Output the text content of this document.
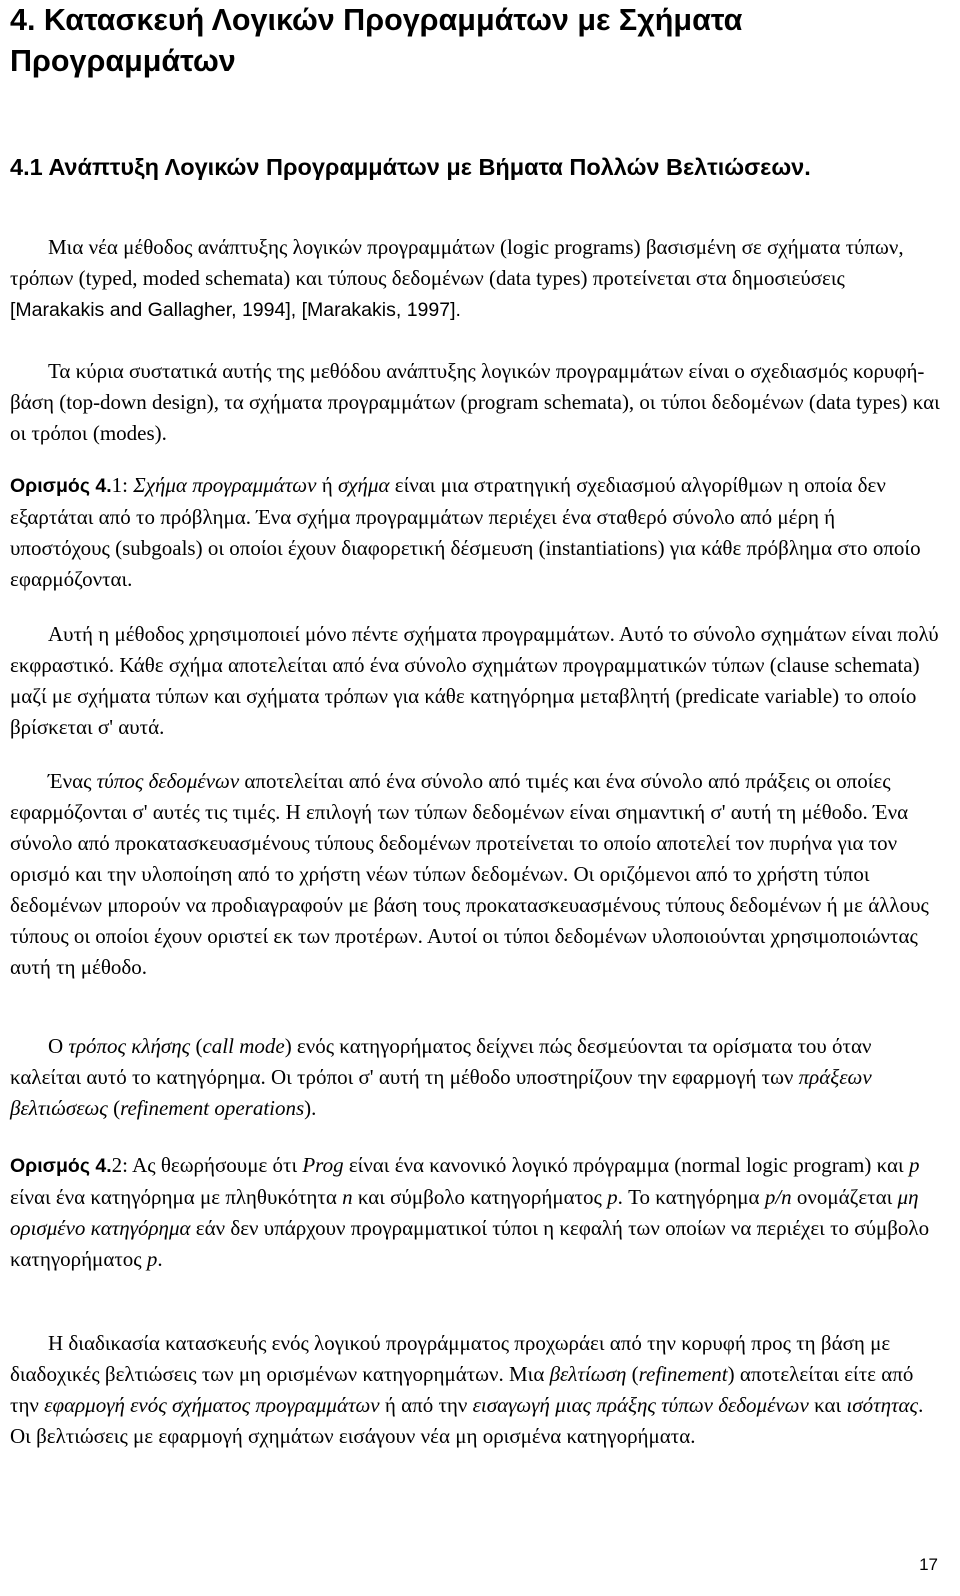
4. Κατασκευή Λογικών Προγραμμάτων με Σχήματα Προγραμμάτων
4.1 Ανάπτυξη Λογικών Προγραμμάτων με Βήματα Πολλών Βελτιώσεων.

Μια νέα μέθοδος ανάπτυξης λογικών προγραμμάτων (logic programs) βασισμένη σε σχήματα τύπων, τρόπων (typed, moded schemata) και τύπους δεδομένων (data types) προτείνεται στα δημοσιεύσεις [Marakakis and Gallagher, 1994], [Marakakis, 1997].

Τα κύρια συστατικά αυτής της μεθόδου ανάπτυξης λογικών προγραμμάτων είναι ο σχεδιασμός κορυφή-βάση (top-down design), τα σχήματα προγραμμάτων (program schemata), οι τύποι δεδομένων (data types) και οι τρόποι (modes).

Ορισμός 4.1: Σχήμα προγραμμάτων ή σχήμα είναι μια στρατηγική σχεδιασμού αλγορίθμων η οποία δεν εξαρτάται από το πρόβλημα. Ένα σχήμα προγραμμάτων περιέχει ένα σταθερό σύνολο από μέρη ή υποστόχους (subgoals) οι οποίοι έχουν διαφορετική δέσμευση (instantiations) για κάθε πρόβλημα στο οποίο εφαρμόζονται.

Αυτή η μέθοδος χρησιμοποιεί μόνο πέντε σχήματα προγραμμάτων. Αυτό το σύνολο σχημάτων είναι πολύ εκφραστικό. Κάθε σχήμα αποτελείται από ένα σύνολο σχημάτων προγραμματικών τύπων (clause schemata) μαζί με σχήματα τύπων και σχήματα τρόπων για κάθε κατηγόρημα μεταβλητή (predicate variable) το οποίο βρίσκεται σ' αυτά.

Ένας τύπος δεδομένων αποτελείται από ένα σύνολο από τιμές και ένα σύνολο από πράξεις οι οποίες εφαρμόζονται σ' αυτές τις τιμές. Η επιλογή των τύπων δεδομένων είναι σημαντική σ' αυτή τη μέθοδο. Ένα σύνολο από προκατασκευασμένους τύπους δεδομένων προτείνεται το οποίο αποτελεί τον πυρήνα για τον ορισμό και την υλοποίηση από το χρήστη νέων τύπων δεδομένων. Οι οριζόμενοι από το χρήστη τύποι δεδομένων μπορούν να προδιαγραφούν με βάση τους προκατασκευασμένους τύπους δεδομένων ή με άλλους τύπους οι οποίοι έχουν οριστεί εκ των προτέρων. Αυτοί οι τύποι δεδομένων υλοποιούνται χρησιμοποιώντας αυτή τη μέθοδο.

Ο τρόπος κλήσης (call mode) ενός κατηγορήματος δείχνει πώς δεσμεύονται τα ορίσματα του όταν καλείται αυτό το κατηγόρημα. Οι τρόποι σ' αυτή τη μέθοδο υποστηρίζουν την εφαρμογή των πράξεων βελτιώσεως (refinement operations).

Ορισμός 4.2: Ας θεωρήσουμε ότι Prog είναι ένα κανονικό λογικό πρόγραμμα (normal logic program) και p είναι ένα κατηγόρημα με πληθυκότητα n και σύμβολο κατηγορήματος p. Το κατηγόρημα p/n ονομάζεται μη ορισμένο κατηγόρημα εάν δεν υπάρχουν προγραμματικοί τύποι η κεφαλή των οποίων να περιέχει το σύμβολο κατηγορήματος p.

Η διαδικασία κατασκευής ενός λογικού προγράμματος προχωράει από την κορυφή προς τη βάση με διαδοχικές βελτιώσεις των μη ορισμένων κατηγορημάτων. Μια βελτίωση (refinement) αποτελείται είτε από την εφαρμογή ενός σχήματος προγραμμάτων ή από την εισαγωγή μιας πράξης τύπων δεδομένων και ισότητας. Οι βελτιώσεις με εφαρμογή σχημάτων εισάγουν νέα μη ορισμένα κατηγορήματα.

17
